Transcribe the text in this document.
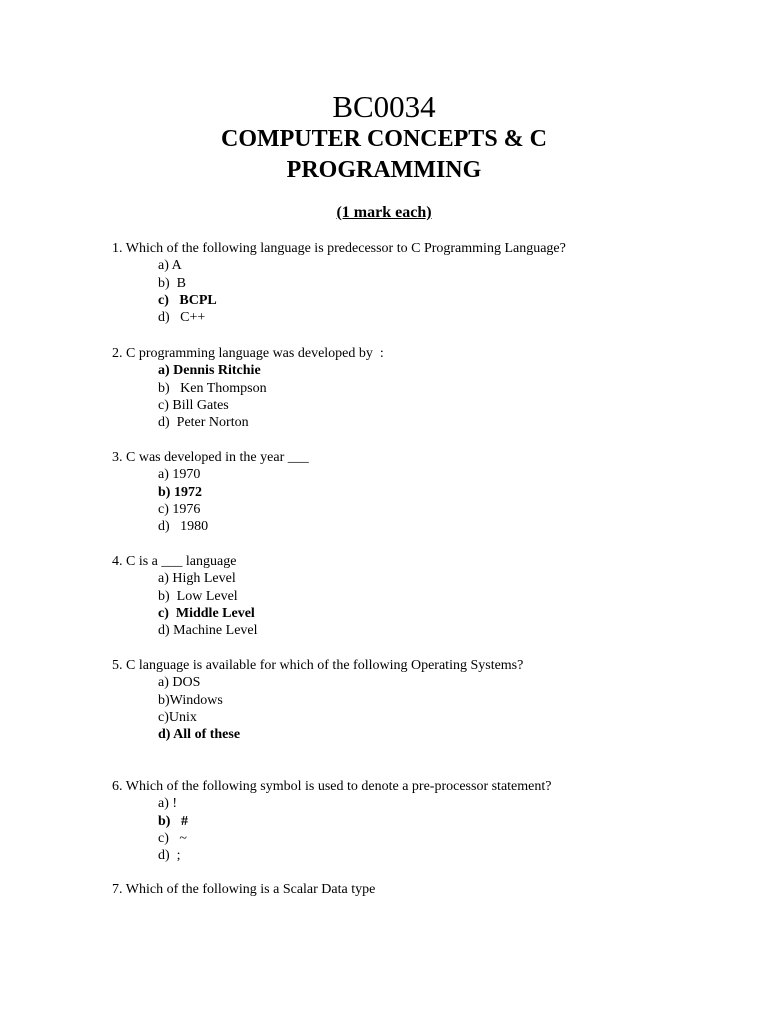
BC0034
COMPUTER CONCEPTS & C
PROGRAMMING
(1 mark each)
1. Which of the following language is predecessor to C Programming Language?
a) A
b)  B
c)   BCPL
d)   C++
2. C programming language was developed by  :
a) Dennis Ritchie
b)   Ken Thompson
c) Bill Gates
d)  Peter Norton
3. C was developed in the year ___
a) 1970
b) 1972
c) 1976
d)   1980
4. C is a ___ language
a) High Level
b)  Low Level
c)  Middle Level
d) Machine Level
5. C language is available for which of the following Operating Systems?
a) DOS
b)Windows
c)Unix
d) All of these
6. Which of the following symbol is used to denote a pre-processor statement?
a) !
b)   #
c)   ~
d)  ;
7. Which of the following is a Scalar Data type
